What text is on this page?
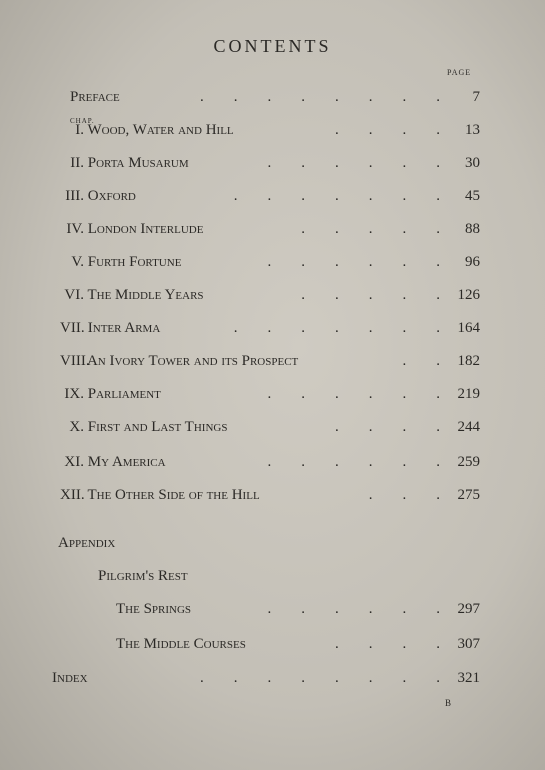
CONTENTS
PAGE
CHAP.
Preface	.        .        .        .        .        .        .        .	7
I. Wood, Water and Hill	.        .        .        .	13
II. Porta Musarum	.        .        .        .        .        .	30
III. Oxford	.        .        .        .        .        .        .	45
IV. London Interlude	.        .        .        .        .	88
V. Furth Fortune	.        .        .        .        .        .	96
VI. The Middle Years	.        .        .        .        .	126
VII. Inter Arma	.        .        .        .        .        .        .	164
VIII. An Ivory Tower and its Prospect	.        .	182
IX. Parliament	.        .        .        .        .        .	219
X. First and Last Things	.        .        .        .	244
XI. My America	.        .        .        .        .        .	259
XII. The Other Side of the Hill	.        .        .	275
Appendix
Pilgrim's Rest
The Springs	.        .        .        .        .        .	297
The Middle Courses	.        .        .        .	307
Index	.        .        .        .        .        .        .        .	321
B
